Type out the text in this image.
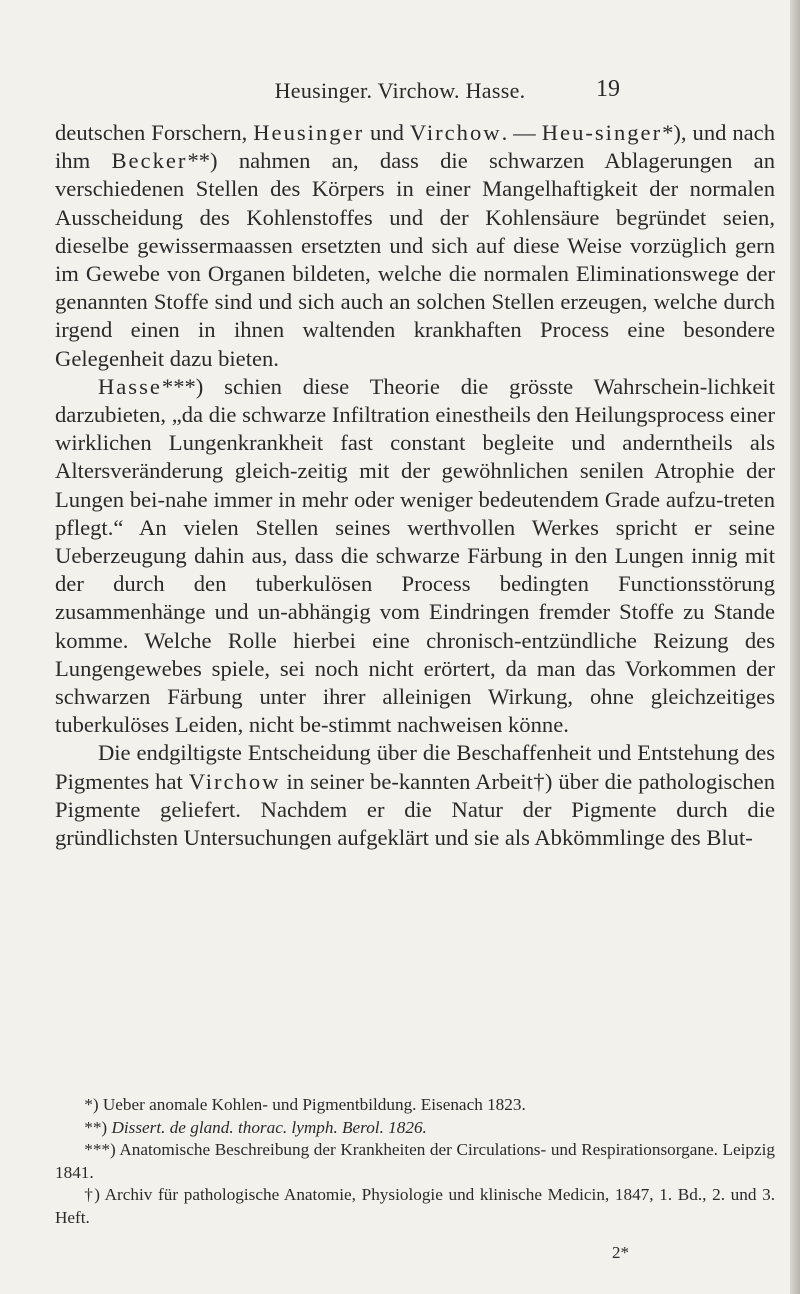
Heusinger. Virchow. Hasse.	19

deutschen Forschern, Heusinger und Virchow. — Heu-singer*), und nach ihm Becker**) nahmen an, dass die schwarzen Ablagerungen an verschiedenen Stellen des Körpers in einer Mangelhaftigkeit der normalen Ausscheidung des Kohlenstoffes und der Kohlensäure begründet seien, dieselbe gewissermaassen ersetzten und sich auf diese Weise vorzüglich gern im Gewebe von Organen bildeten, welche die normalen Eliminationswege der genannten Stoffe sind und sich auch an solchen Stellen erzeugen, welche durch irgend einen in ihnen waltenden krankhaften Process eine besondere Gelegenheit dazu bieten.

Hasse***) schien diese Theorie die grösste Wahrschein-lichkeit darzubieten, „da die schwarze Infiltration einestheils den Heilungsprocess einer wirklichen Lungenkrankheit fast constant begleite und anderntheils als Altersveränderung gleich-zeitig mit der gewöhnlichen senilen Atrophie der Lungen bei-nahe immer in mehr oder weniger bedeutendem Grade aufzu-treten pflegt.“ An vielen Stellen seines werthvollen Werkes spricht er seine Ueberzeugung dahin aus, dass die schwarze Färbung in den Lungen innig mit der durch den tuberkulösen Process bedingten Functionsstörung zusammenhänge und un-abhängig vom Eindringen fremder Stoffe zu Stande komme. Welche Rolle hierbei eine chronisch-entzündliche Reizung des Lungengewebes spiele, sei noch nicht erörtert, da man das Vorkommen der schwarzen Färbung unter ihrer alleinigen Wirkung, ohne gleichzeitiges tuberkulöses Leiden, nicht be-stimmt nachweisen könne.

Die endgiltigste Entscheidung über die Beschaffenheit und Entstehung des Pigmentes hat Virchow in seiner be-kannten Arbeit†) über die pathologischen Pigmente geliefert. Nachdem er die Natur der Pigmente durch die gründlichsten Untersuchungen aufgeklärt und sie als Abkömmlinge des Blut-

*) Ueber anomale Kohlen- und Pigmentbildung. Eisenach 1823.

**) Dissert. de gland. thorac. lymph. Berol. 1826.

***) Anatomische Beschreibung der Krankheiten der Circulations- und Respirationsorgane. Leipzig 1841.

†) Archiv für pathologische Anatomie, Physiologie und klinische Medicin, 1847, 1. Bd., 2. und 3. Heft.

2*
